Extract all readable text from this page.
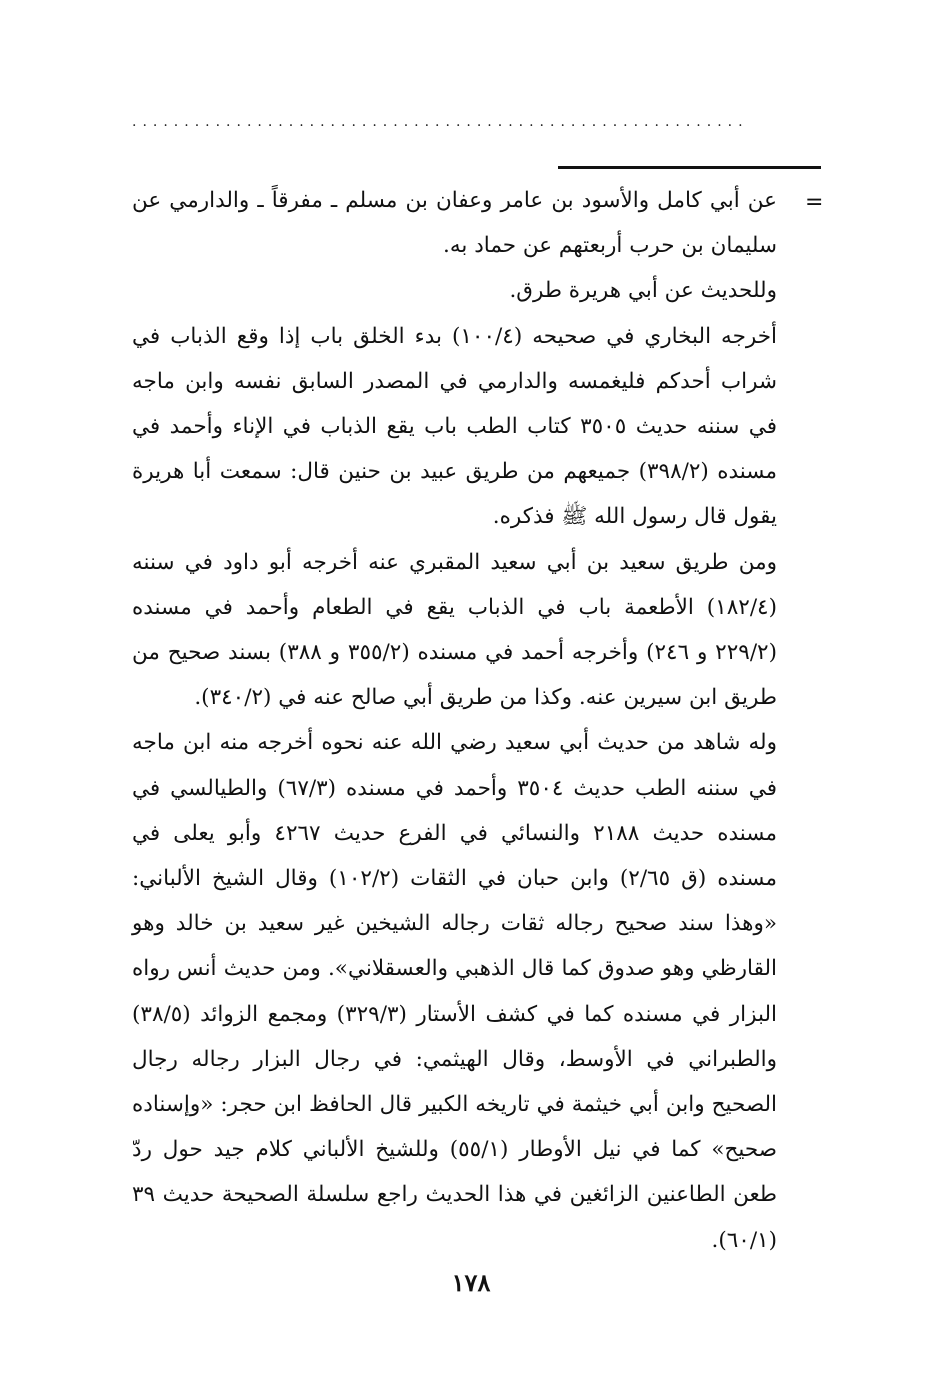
...........................................................
=

عن أبي كامل والأسود بن عامر وعفان بن مسلم ـ مفرقاً ـ والدارمي عن سليمان بن حرب أربعتهم عن حماد به.

وللحديث عن أبي هريرة طرق.

أخرجه البخاري في صحيحه (١٠٠/٤) بدء الخلق باب إذا وقع الذباب في شراب أحدكم فليغمسه والدارمي في المصدر السابق نفسه وابن ماجه في سننه حديث ٣٥٠٥ كتاب الطب باب يقع الذباب في الإناء وأحمد في مسنده (٣٩٨/٢) جميعهم من طريق عبيد بن حنين قال: سمعت أبا هريرة يقول قال رسول الله ﷺ فذكره.

ومن طريق سعيد بن أبي سعيد المقبري عنه أخرجه أبو داود في سننه (١٨٢/٤) الأطعمة باب في الذباب يقع في الطعام وأحمد في مسنده (٢٢٩/٢ و ٢٤٦) وأخرجه أحمد في مسنده (٣٥٥/٢ و ٣٨٨) بسند صحيح من طريق ابن سيرين عنه. وكذا من طريق أبي صالح عنه في (٣٤٠/٢).

وله شاهد من حديث أبي سعيد رضي الله عنه نحوه أخرجه منه ابن ماجه في سننه الطب حديث ٣٥٠٤ وأحمد في مسنده (٦٧/٣) والطيالسي في مسنده حديث ٢١٨٨ والنسائي في الفرع حديث ٤٢٦٧ وأبو يعلى في مسنده (ق ٢/٦٥) وابن حبان في الثقات (١٠٢/٢) وقال الشيخ الألباني: «وهذا سند صحيح رجاله ثقات رجاله الشيخين غير سعيد بن خالد وهو القارظي وهو صدوق كما قال الذهبي والعسقلاني». ومن حديث أنس رواه البزار في مسنده كما في كشف الأستار (٣٢٩/٣) ومجمع الزوائد (٣٨/٥) والطبراني في الأوسط، وقال الهيثمي: في رجال البزار رجاله رجال الصحيح وابن أبي خيثمة في تاريخه الكبير قال الحافظ ابن حجر: «وإسناده صحيح» كما في نيل الأوطار (٥٥/١) وللشيخ الألباني كلام جيد حول ردّ طعن الطاعنين الزائغين في هذا الحديث راجع سلسلة الصحيحة حديث ٣٩ (٦٠/١).

١٧٨
